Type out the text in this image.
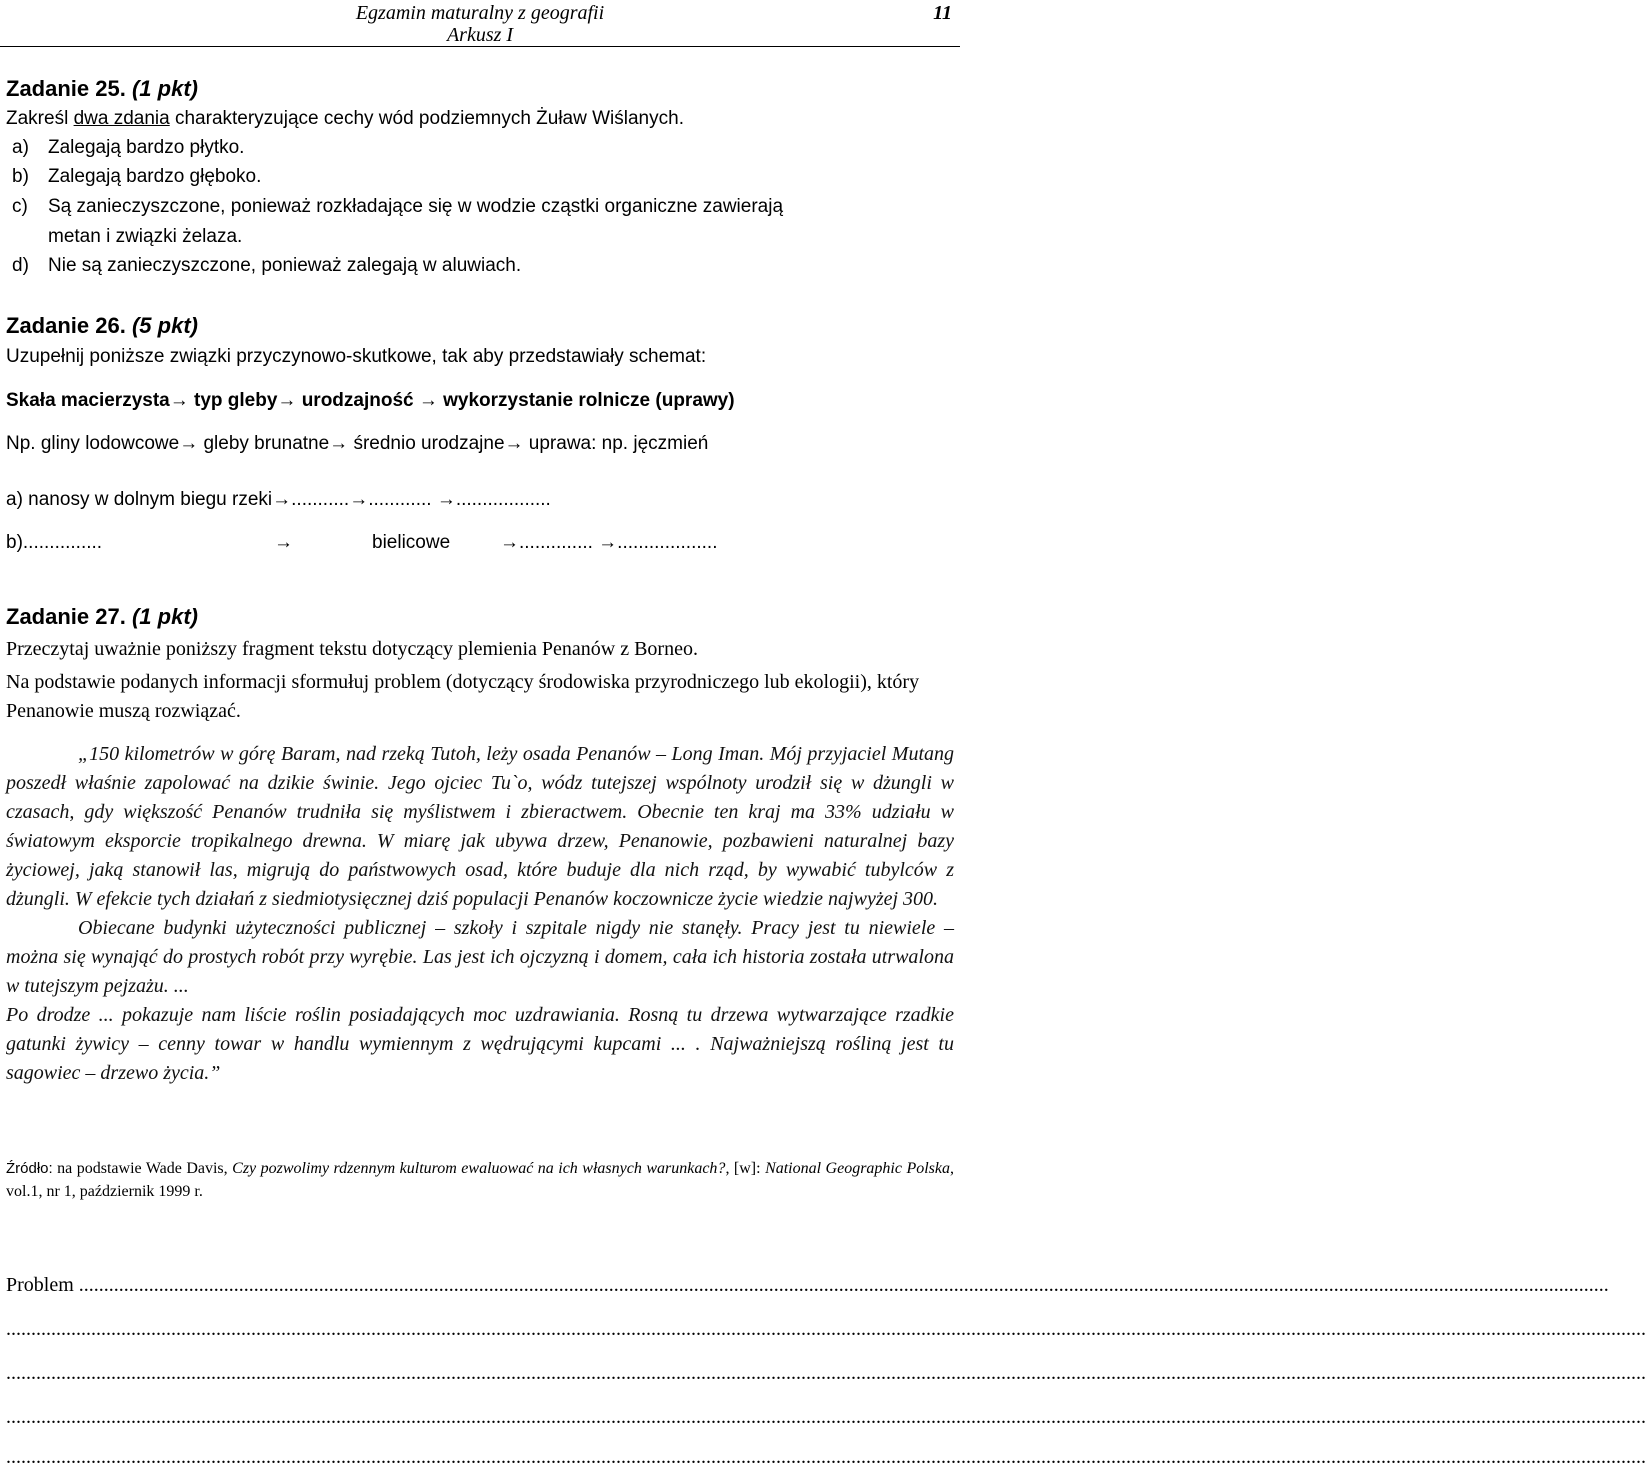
Egzamin maturalny z geografii
Arkusz I
11
Zadanie 25. (1 pkt)
Zakreśl dwa zdania charakteryzujące cechy wód podziemnych Żuław Wiślanych.
a) Zalegają bardzo płytko.
b) Zalegają bardzo głęboko.
c) Są zanieczyszczone, ponieważ rozkładające się w wodzie cząstki organiczne zawierają
metan i związki żelaza.
d) Nie są zanieczyszczone, ponieważ zalegają w aluwiach.
Zadanie 26. (5 pkt)
Uzupełnij poniższe związki przyczynowo-skutkowe, tak aby przedstawiały schemat:
Skała macierzysta→ typ gleby→ urodzajność → wykorzystanie rolnicze (uprawy)
Np. gliny lodowcowe→ gleby brunatne→ średnio urodzajne→ uprawa: np. jęczmień
a) nanosy w dolnym biegu rzeki→...........→............ →..................
b)...............	→	bielicowe	→.............. →...................
Zadanie 27. (1 pkt)
Przeczytaj uważnie poniższy fragment tekstu dotyczący plemienia Penanów z Borneo.
Na podstawie podanych informacji sformułuj problem (dotyczący środowiska przyrodniczego lub ekologii), który Penanowie muszą rozwiązać.

„150 kilometrów w górę Baram, nad rzeką Tutoh, leży osada Penanów – Long Iman. Mój przyjaciel Mutang poszedł właśnie zapolować na dzikie świnie. Jego ojciec Tu`o, wódz tutejszej wspólnoty urodził się w dżungli w czasach, gdy większość Penanów trudniła się myślistwem i zbieractwem. Obecnie ten kraj ma 33% udziału w światowym eksporcie tropikalnego drewna. W miarę jak ubywa drzew, Penanowie, pozbawieni naturalnej bazy życiowej, jaką stanowił las, migrują do państwowych osad, które buduje dla nich rząd, by wywabić tubylców z dżungli. W efekcie tych działań z siedmiotysięcznej dziś populacji Penanów koczownicze życie wiedzie najwyżej 300.

Obiecane budynki użyteczności publicznej – szkoły i szpitale nigdy nie stanęły. Pracy jest tu niewiele – można się wynająć do prostych robót przy wyrębie. Las jest ich ojczyzną i domem, cała ich historia została utrwalona w tutejszym pejzażu. ...

Po drodze ... pokazuje nam liście roślin posiadających moc uzdrawiania. Rosną tu drzewa wytwarzające rzadkie gatunki żywicy – cenny towar w handlu wymiennym z wędrującymi kupcami ... . Najważniejszą rośliną jest tu sagowiec – drzewo życia.”

Źródło: na podstawie Wade Davis, Czy pozwolimy rdzennym kulturom ewaluować na ich własnych warunkach?, [w]: National Geographic Polska, vol.1, nr 1, październik 1999 r.
Problem ..................................................................................................................................................................................................................................................................................................................
........................................................................................................................................................................................................................................................................................................................................
........................................................................................................................................................................................................................................................................................................................................
........................................................................................................................................................................................................................................................................................................................................
........................................................................................................................................................................................................................................................................................................................................
